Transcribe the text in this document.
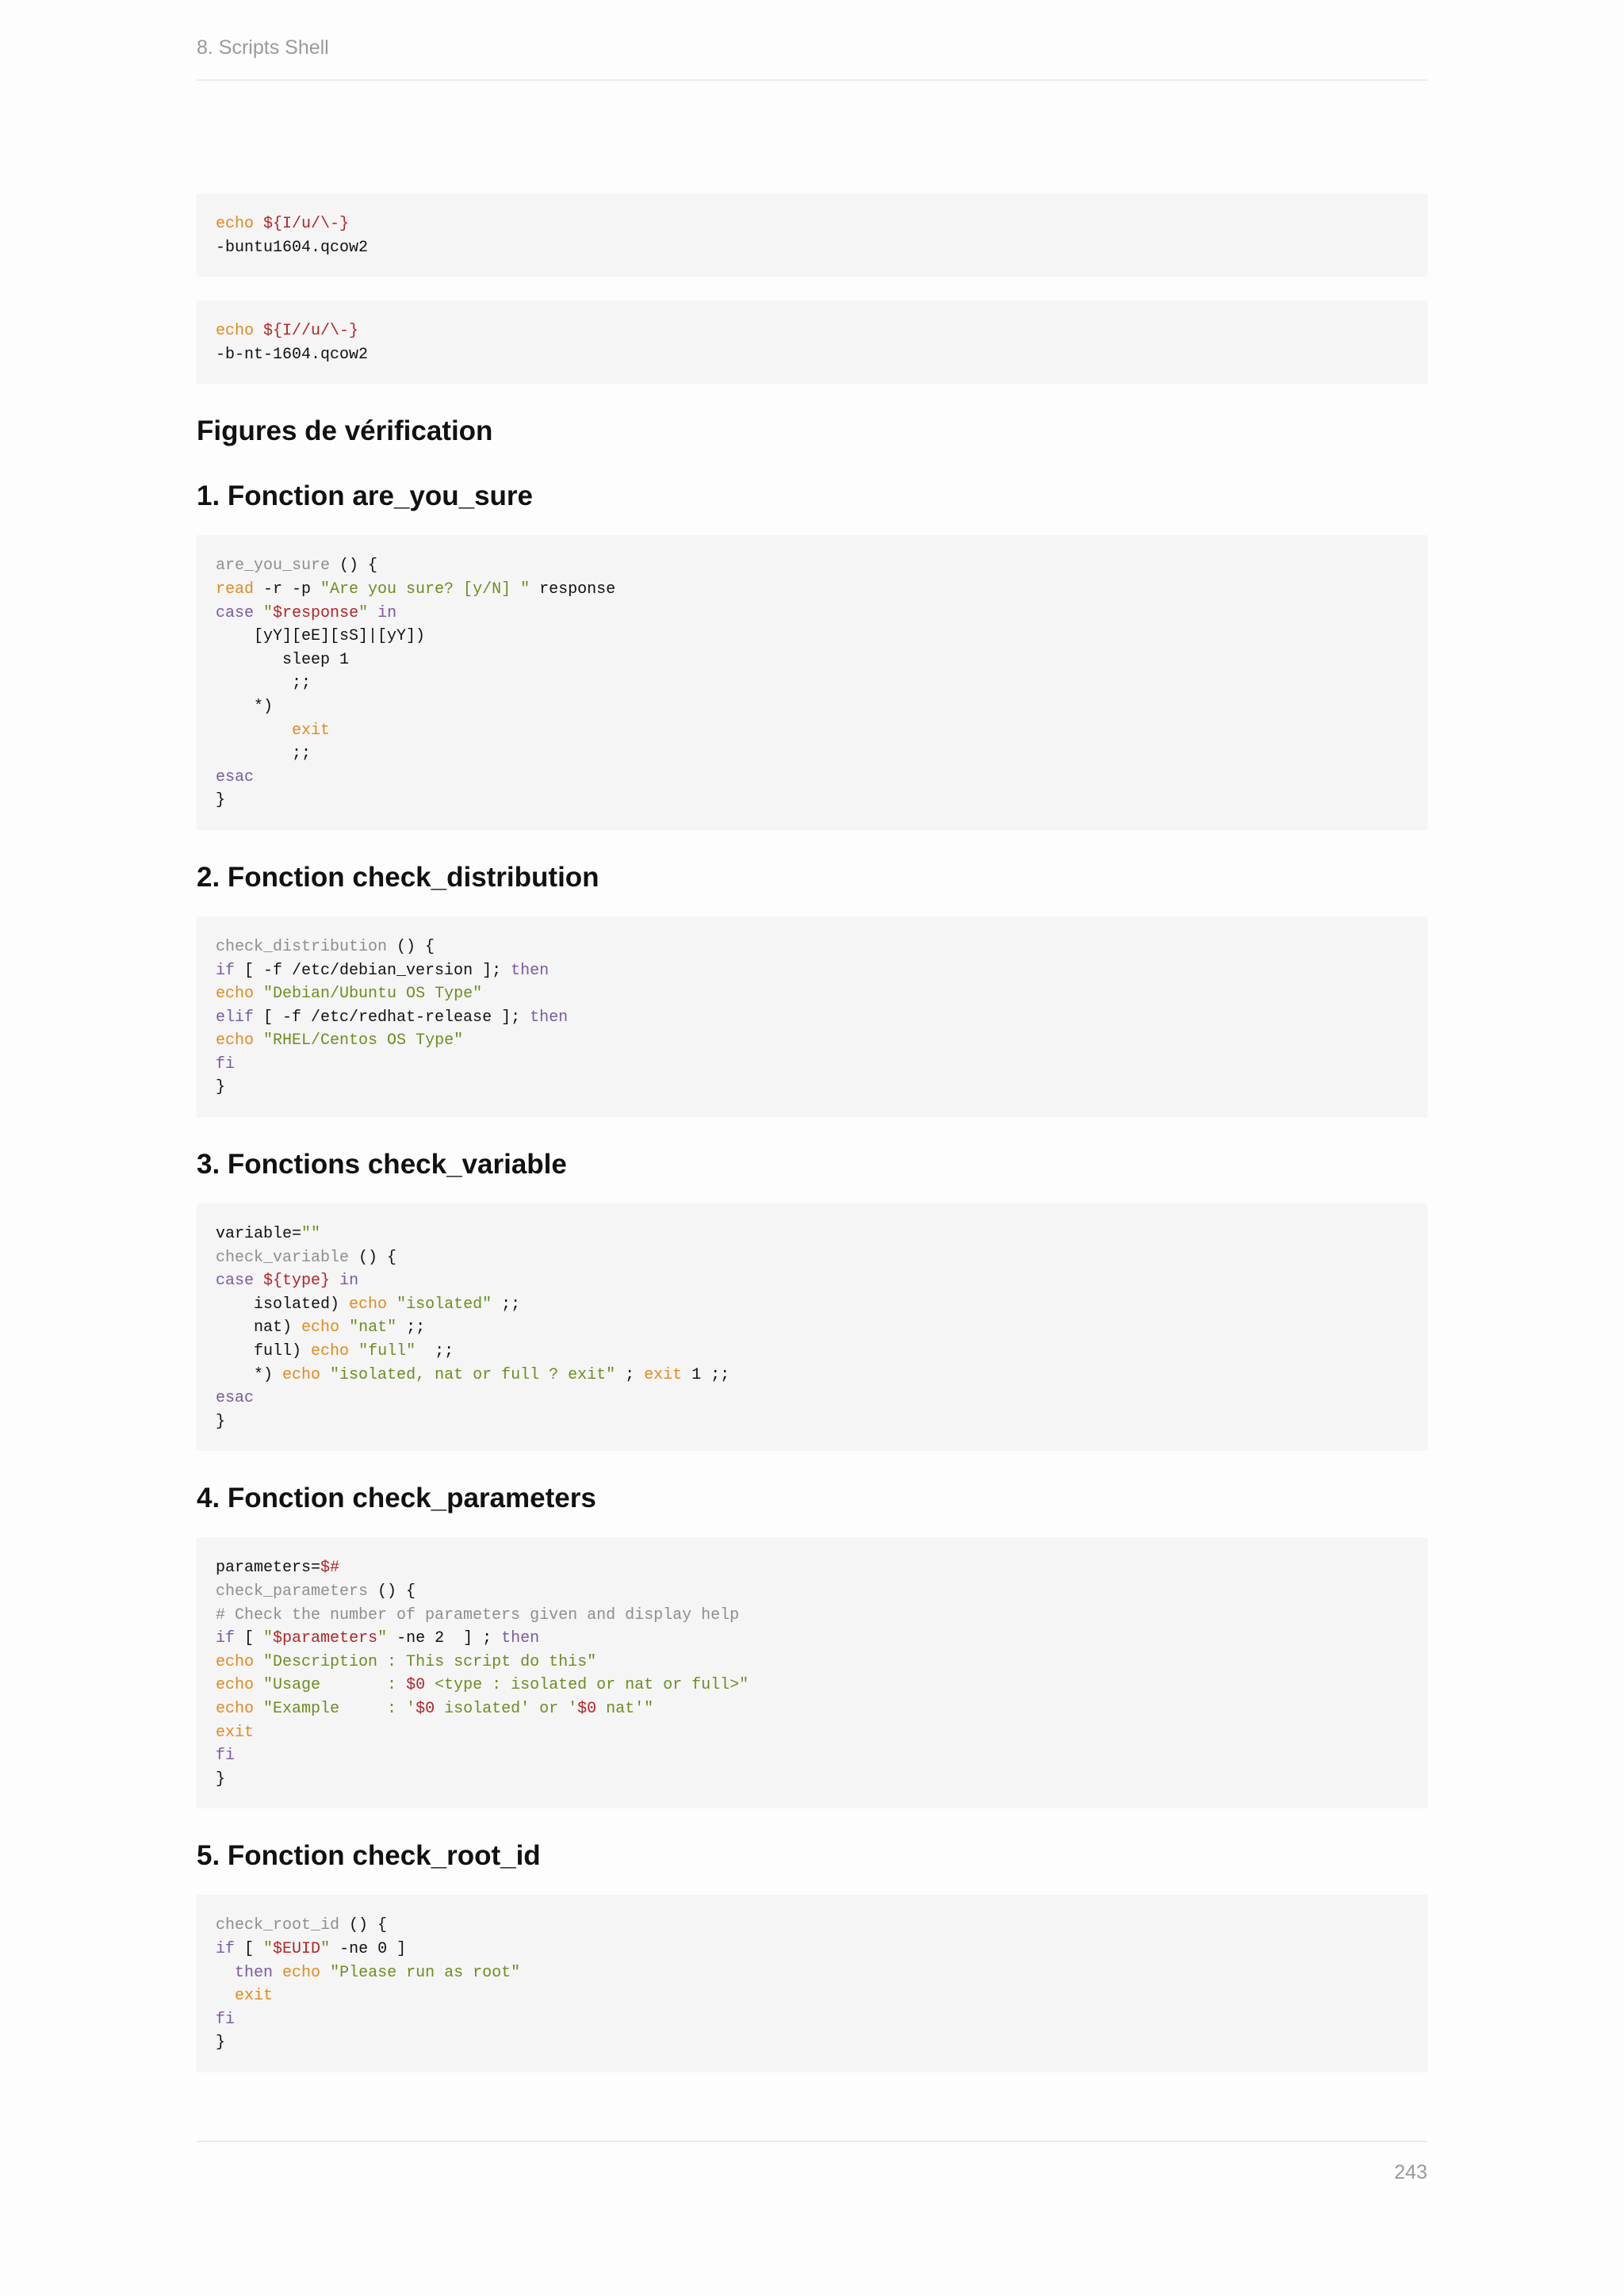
8. Scripts Shell
echo ${I/u/\-}
-buntu1604.qcow2
echo ${I//u/\-}
-b-nt-1604.qcow2
Figures de vérification
1. Fonction are_you_sure
are_you_sure () {
read -r -p "Are you sure? [y/N] " response
case "$response" in
[yY][eE][sS]|[yY])
sleep 1
;;
*)
exit
;;
esac
}
2. Fonction check_distribution
check_distribution () {
if [ -f /etc/debian_version ]; then
echo "Debian/Ubuntu OS Type"
elif [ -f /etc/redhat-release ]; then
echo "RHEL/Centos OS Type"
fi
}
3. Fonctions check_variable
variable=""
check_variable () {
case ${type} in
isolated) echo "isolated" ;;
nat) echo "nat" ;;
full) echo "full"  ;;
*) echo "isolated, nat or full ? exit" ; exit 1 ;;
esac
}
4. Fonction check_parameters
parameters=$#
check_parameters () {
# Check the number of parameters given and display help
if [ "$parameters" -ne 2  ] ; then
echo "Description : This script do this"
echo "Usage       : $0 <type : isolated or nat or full>"
echo "Example     : '$0 isolated' or '$0 nat'"
exit
fi
}
5. Fonction check_root_id
check_root_id () {
if [ "$EUID" -ne 0 ]
then echo "Please run as root"
exit
fi
}
243
